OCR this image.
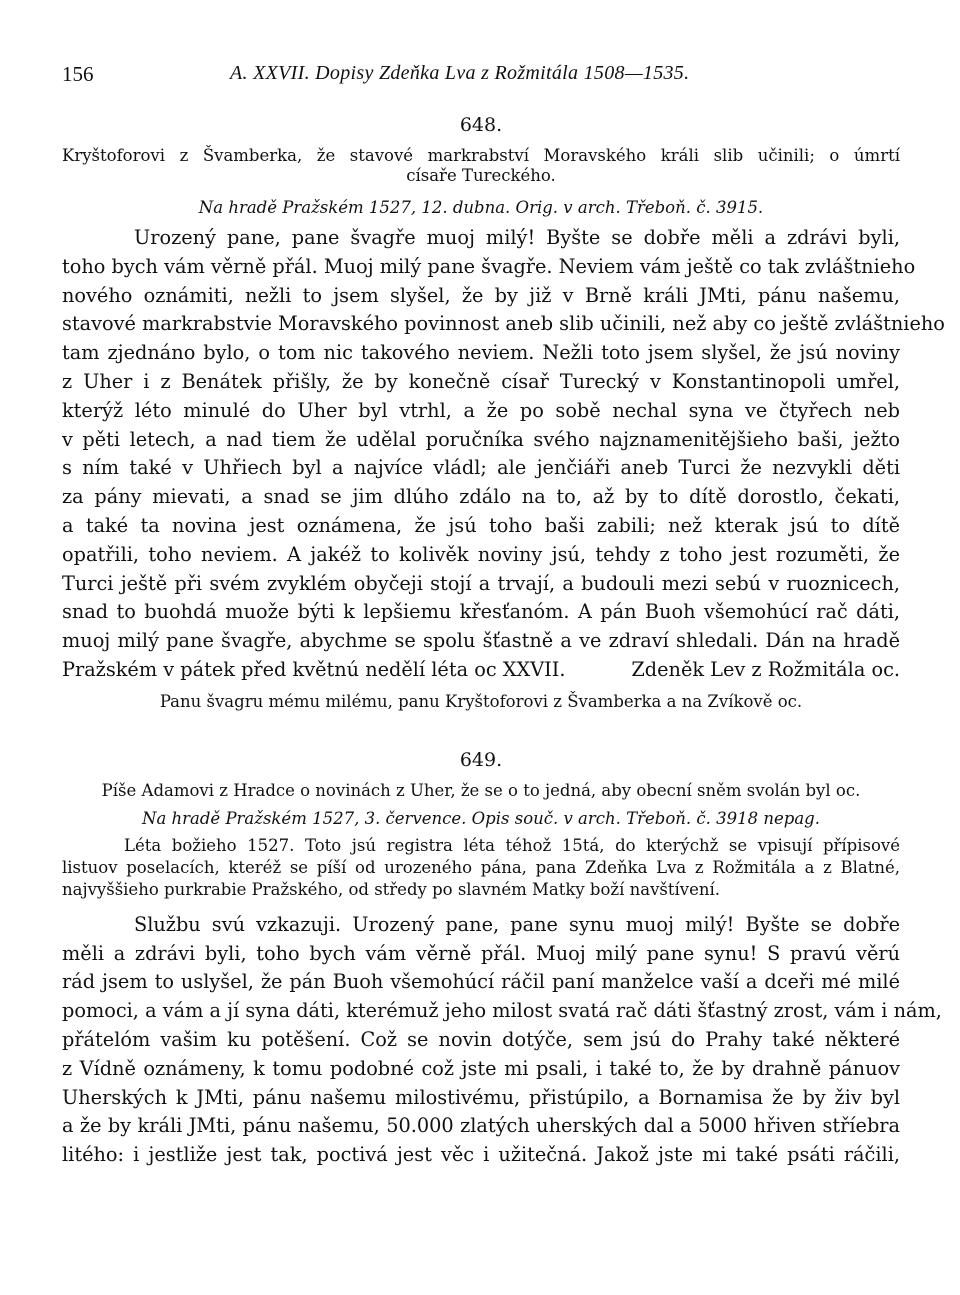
156	A. XXVII. Dopisy Zdeňka Lva z Rožmitála 1508—1535.
648.
Kryštoforovi z Švamberka, že stavové markrabství Moravského králi slib učinili; o úmrtí
císaře Tureckého.
Na hradě Pražském 1527, 12. dubna. Orig. v arch. Třeboň. č. 3915.
Urozený pane, pane švagře muoj milý! Byšte se dobře měli a zdrávi byli,
toho bych vám věrně přál. Muoj milý pane švagře. Neviem vám ještě co tak zvláštnieho
nového oznámiti, nežli to jsem slyšel, že by již v Brně králi JMti, pánu našemu,
stavové markrabstvie Moravského povinnost aneb slib učinili, než aby co ještě zvláštnieho
tam zjednáno bylo, o tom nic takového neviem. Nežli toto jsem slyšel, že jsú noviny
z Uher i z Benátek přišly, že by konečně císař Turecký v Konstantinopoli umřel,
kterýž léto minulé do Uher byl vtrhl, a že po sobě nechal syna ve čtyřech neb
v pěti letech, a nad tiem že udělal poručníka svého najznamenitějšieho baši, ježto
s ním také v Uhřiech byl a najvíce vládl; ale jenčiáři aneb Turci že nezvykli děti
za pány mievati, a snad se jim dlúho zdálo na to, až by to dítě dorostlo, čekati,
a také ta novina jest oznámena, že jsú toho baši zabili; než kterak jsú to dítě
opatřili, toho neviem. A jakéž to kolivěk noviny jsú, tehdy z toho jest rozuměti, že
Turci ještě při svém zvyklém obyčeji stojí a trvají, a budouli mezi sebú v ruoznicech,
snad to buohdá muože býti k lepšiemu křesťanóm. A pán Buoh všemohúcí rač dáti,
muoj milý pane švagře, abychme se spolu šťastně a ve zdraví shledali. Dán na hradě
Pražském v pátek před květnú nedělí léta oc XXVII.	Zdeněk Lev z Rožmitála oc.
Panu švagru mému milému, panu Kryštoforovi z Švamberka a na Zvíkově oc.
649.
Píše Adamovi z Hradce o novinách z Uher, že se o to jedná, aby obecní sněm svolán byl oc.
Na hradě Pražském 1527, 3. července. Opis souč. v arch. Třeboň. č. 3918 nepag.
Léta božieho 1527. Toto jsú registra léta téhož 15tá, do kterýchž se vpisují přípisové
listuov poselacích, kteréž se píší od urozeného pána, pana Zdeňka Lva z Rožmitála a z Blatné,
najvyššieho purkrabie Pražského, od středy po slavném Matky boží navštívení.
Službu svú vzkazuji. Urozený pane, pane synu muoj milý! Byšte se dobře
měli a zdrávi byli, toho bych vám věrně přál. Muoj milý pane synu! S pravú věrú
rád jsem to uslyšel, že pán Buoh všemohúcí ráčil paní manželce vaší a dceři mé milé
pomoci, a vám a jí syna dáti, kterémuž jeho milost svatá rač dáti šťastný zrost, vám i nám,
přátelóm vašim ku potěšení. Což se novin dotýče, sem jsú do Prahy také některé
z Vídně oznámeny, k tomu podobné což jste mi psali, i také to, že by drahně pánuov
Uherských k JMti, pánu našemu milostivému, přistúpilo, a Bornamisa že by živ byl
a že by králi JMti, pánu našemu, 50.000 zlatých uherských dal a 5000 hřiven stříebra
litého: i jestliže jest tak, poctivá jest věc i užitečná. Jakož jste mi také psáti ráčili,
